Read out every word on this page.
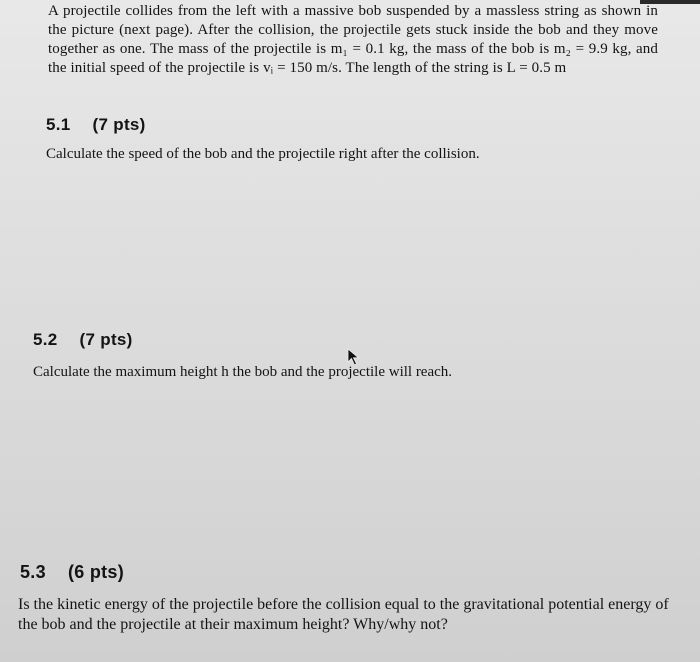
A projectile collides from the left with a massive bob suspended by a massless string as shown in the picture (next page). After the collision, the projectile gets stuck inside the bob and they move together as one. The mass of the projectile is m₁ = 0.1 kg, the mass of the bob is m₂ = 9.9 kg, and the initial speed of the projectile is vᵢ = 150 m/s. The length of the string is L = 0.5 m

5.1 (7 pts)
Calculate the speed of the bob and the projectile right after the collision.
5.2 (7 pts)
Calculate the maximum height h the bob and the projectile will reach.
5.3 (6 pts)
Is the kinetic energy of the projectile before the collision equal to the gravitational potential energy of the bob and the projectile at their maximum height? Why/why not?
